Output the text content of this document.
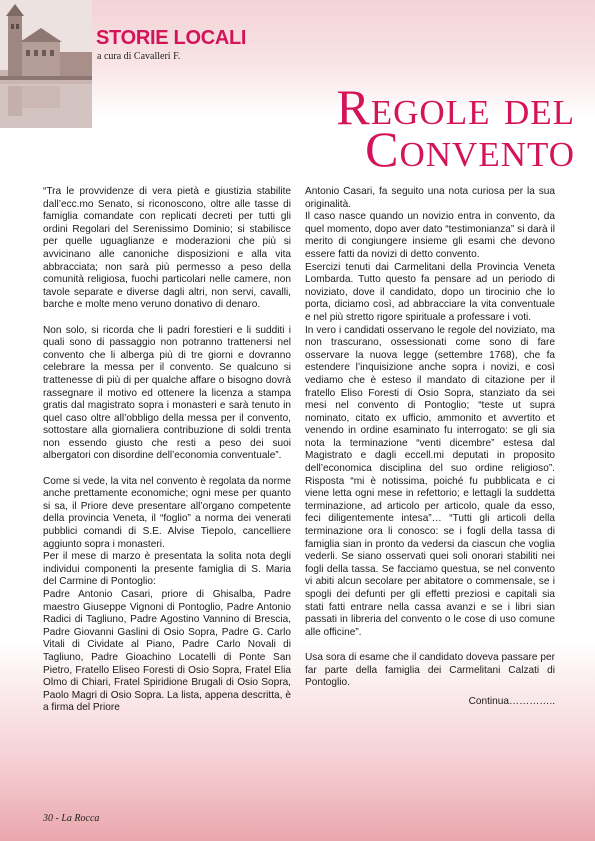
STORIE LOCALI
a cura di Cavalleri F.
Regole del
Convento

“Tra le provvidenze di vera pietà e giustizia stabilite dall’ecc.mo Senato, si riconoscono, oltre alle tasse di famiglia comandate con replicati decreti per tutti gli ordini Regolari del Serenissimo Dominio; si stabilisce per quelle uguaglianze e moderazioni che più si avvicinano alle canoniche disposizioni e alla vita abbracciata; non sarà più permesso a peso della comunità religiosa, fuochi particolari nelle camere, non tavole separate e diverse dagli altri, non servi, cavalli, barche e molte meno veruno donativo di denaro.

Non solo, si ricorda che li padri forestieri e li sudditi i quali sono di passaggio non potranno trattenersi nel convento che li alberga più di tre giorni e dovranno celebrare la messa per il convento. Se qualcuno si trattenesse di più di per qualche affare o bisogno dovrà rassegnare il motivo ed ottenere la licenza a stampa gratis dal magistrato sopra i monasteri e sarà tenuto in quel caso oltre all’obbligo della messa per il convento, sottostare alla giornaliera contribuzione di soldi trenta non essendo giusto che resti a peso dei suoi albergatori con disordine dell’economia conventuale”.

Come si vede, la vita nel convento è regolata da norme anche prettamente economiche; ogni mese per quanto si sa, il Priore deve presentare all’organo competente della provincia Veneta, il “foglio” a norma dei venerati pubblici comandi di S.E. Alvise Tiepolo, cancelliere aggiunto sopra i monasteri.

Per il mese di marzo è presentata la solita nota degli individui componenti la presente famiglia di S. Maria del Carmine di Pontoglio:

Padre Antonio Casari, priore di Ghisalba, Padre maestro Giuseppe Vignoni di Pontoglio, Padre Antonio Radici di Tagliuno, Padre Agostino Vannino di Brescia, Padre Giovanni Gaslini di Osio Sopra, Padre G. Carlo Vitali di Cividate al Piano, Padre Carlo Novali di Tagliuno, Padre Gioachino Locatelli di Ponte San Pietro, Fratello Eliseo Foresti di Osio Sopra, Fratel Elia Olmo di Chiari, Fratel Spiridione Brugali di Osio Sopra, Paolo Magri di Osio Sopra. La lista, appena descritta, è a firma del Priore

Antonio Casari, fa seguito una nota curiosa per la sua originalità.

Il caso nasce quando un novizio entra in convento, da quel momento, dopo aver dato “testimonianza” si darà il merito di congiungere insieme gli esami che devono essere fatti da novizi di detto convento.

Esercizi tenuti dai Carmelitani della Provincia Veneta Lombarda. Tutto questo fa pensare ad un periodo di noviziato, dove il candidato, dopo un tirocinio che lo porta, diciamo così, ad abbracciare la vita conventuale e nel più stretto rigore spirituale a professare i voti.

In vero i candidati osservano le regole del noviziato, ma non trascurano, ossessionati come sono di fare osservare la nuova legge (settembre 1768), che fa estendere l’inquisizione anche sopra i novizi, e così vediamo che è esteso il mandato di citazione per il fratello Eliso Foresti di Osio Sopra, stanziato da sei mesi nel convento di Pontoglio; “teste ut supra nominato, citato ex ufficio, ammonito et avvertito et venendo in ordine esaminato fu interrogato: se gli sia nota la terminazione “venti dicembre” estesa dal Magistrato e dagli eccell.mi deputati in proposito dell’economica disciplina del suo ordine religioso”. Risposta “mi è notissima, poiché fu pubblicata e ci viene letta ogni mese in refettorio; e lettagli la suddetta terminazione, ad articolo per articolo, quale da esso, feci diligentemente intesa”… “Tutti gli articoli della terminazione ora li conosco: se i fogli della tassa di famiglia sian in pronto da vedersi da ciascun che voglia vederli. Se siano osservati quei soli onorari stabiliti nei fogli della tassa. Se facciamo questua, se nel convento vi abiti alcun secolare per abitatore o commensale, se i spogli dei defunti per gli effetti preziosi e capitali sia stati fatti entrare nella cassa avanzi e se i libri sian passati in libreria del convento o le cose di uso comune alle officine”.

Usa sora di esame che il candidato doveva passare per far parte della famiglia dei Carmelitani Calzati di Pontoglio.

Continua…………..
30 - La Rocca
